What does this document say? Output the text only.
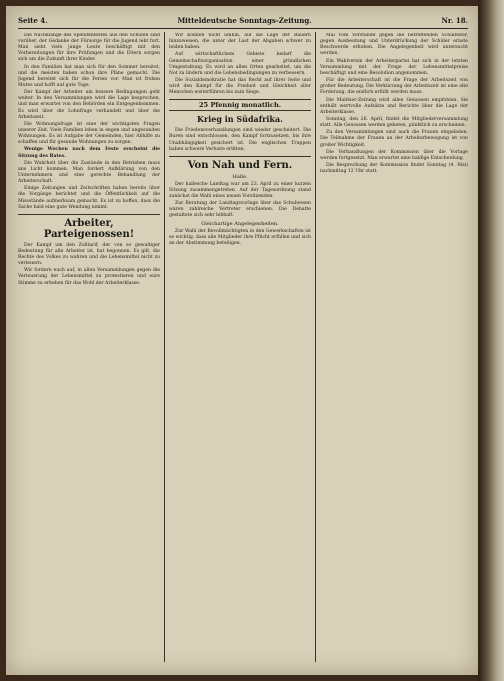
Seite 4.	Mitteldeutsche Sonntags-Zeitung.	Nr. 18.

Die Nachklänge des Spendenfestes aus den Schulen sind vorüber, der Gedanke der Fürsorge für die Jugend lebt fort. Man sieht viele junge Leute beschäftigt mit den Vorbereitungen für ihre Prüfungen und die Eltern sorgen sich um die Zukunft ihrer Kinder.

In den Familien hat man sich für den Sommer bereitet, und die meisten haben schon ihre Pläne gemacht. Die Jugend bereitet sich für die Ferien vor. Man ist frohen Mutes und hofft auf gute Tage.

Der Kampf der Arbeiter um bessere Bedingungen geht weiter. In den Versammlungen wird die Lage besprochen, und man erwartet von den Behörden ein Entgegenkommen. Es wird über die Lohnfrage verhandelt und über die Arbeitszeit.

Die Wohnungsfrage ist eine der wichtigsten Fragen unserer Zeit. Viele Familien leben in engen und ungesunden Wohnungen. Es ist Aufgabe der Gemeinden, hier Abhilfe zu schaffen und für gesunde Wohnungen zu sorgen.

Wenige Wochen nach dem Feste erscheint die Sitzung des Rates.

Die Wahrheit über die Zustände in den Betrieben muss ans Licht kommen. Man fordert Aufklärung von den Unternehmern und eine gerechte Behandlung der Arbeiterschaft.

Einige Zeitungen und Zeitschriften haben bereits über die Vorgänge berichtet und die Öffentlichkeit auf die Missstände aufmerksam gemacht. Es ist zu hoffen, dass die Sache bald eine gute Wendung nimmt.

Arbeiter, Parteigenossen!

Der Kampf um den Zolltarif, der von so gewaltiger Bedeutung für alle Arbeiter ist, hat begonnen. Es gilt, die Rechte des Volkes zu wahren und die Lebensmittel nicht zu verteuern.

Wir fordern euch auf, in allen Versammlungen gegen die Verteuerung der Lebensmittel zu protestieren und eure Stimme zu erheben für das Wohl der Arbeiterklasse.

Wir können nicht umhin, auf die Lage der Bauern hinzuweisen, die unter der Last der Abgaben schwer zu leiden haben.

Auf wirtschaftlichem Gebiete bedarf die Gemeinschaftsorganisation einer gründlichen Umgestaltung. Es wird an allen Orten gearbeitet, um die Not zu lindern und die Lebensbedingungen zu verbessern.

Die Sozialdemokratie hat das Recht auf ihrer Seite und wird den Kampf für die Freiheit und Gleichheit aller Menschen weiterführen bis zum Siege.

25 Pfennig monatlich.
Krieg in Südafrika.

Die Friedensverhandlungen sind wieder gescheitert. Die Buren sind entschlossen, den Kampf fortzusetzen, bis ihre Unabhängigkeit gesichert ist. Die englischen Truppen haben schwere Verluste erlitten.

Von Nah und Fern.
Halle.

Der hallesche Landtag war am 23. April zu einer kurzen Sitzung zusammengetreten. Auf der Tagesordnung stand zunächst die Wahl eines neuen Vorsitzenden.

Zur Beratung der Landtagsvorlage über das Schulwesen waren zahlreiche Vertreter erschienen. Die Debatte gestaltete sich sehr lebhaft.

Gleichartige Angelegenheiten.

Zur Wahl der Bevollmächtigten in den Gewerkschaften ist es wichtig, dass alle Mitglieder ihre Pflicht erfüllen und sich an der Abstimmung beteiligen.

Mai vom Vorstande gegen die betreffenden Schulleiter, gegen Ausbeutung und Unterdrückung der Schüler ernste Beschwerde erhoben. Die Angelegenheit wird untersucht werden.

Ein Wahlverein der Arbeiterpartei hat sich in der letzten Versammlung mit der Frage der Lebensmittelpreise beschäftigt und eine Resolution angenommen.

Für die Arbeiterschaft ist die Frage der Arbeitszeit von großer Bedeutung. Die Verkürzung der Arbeitszeit ist eine alte Forderung, die endlich erfüllt werden muss.

Die Maifeier-Zeitung wird allen Genossen empfohlen. Sie enthält wertvolle Aufsätze und Berichte über die Lage der Arbeiterklasse.

Sonntag, den 26. April, findet die Mitgliederversammlung statt. Alle Genossen werden gebeten, pünktlich zu erscheinen.

Zu den Versammlungen sind auch die Frauen eingeladen. Die Teilnahme der Frauen an der Arbeiterbewegung ist von großer Wichtigkeit.

Die Verhandlungen der Kommission über die Vorlage werden fortgesetzt. Man erwartet eine baldige Entscheidung.

Die Besprechung der Kommission findet Sonntag (4. Mai) nachmittag 12 Uhr statt.
